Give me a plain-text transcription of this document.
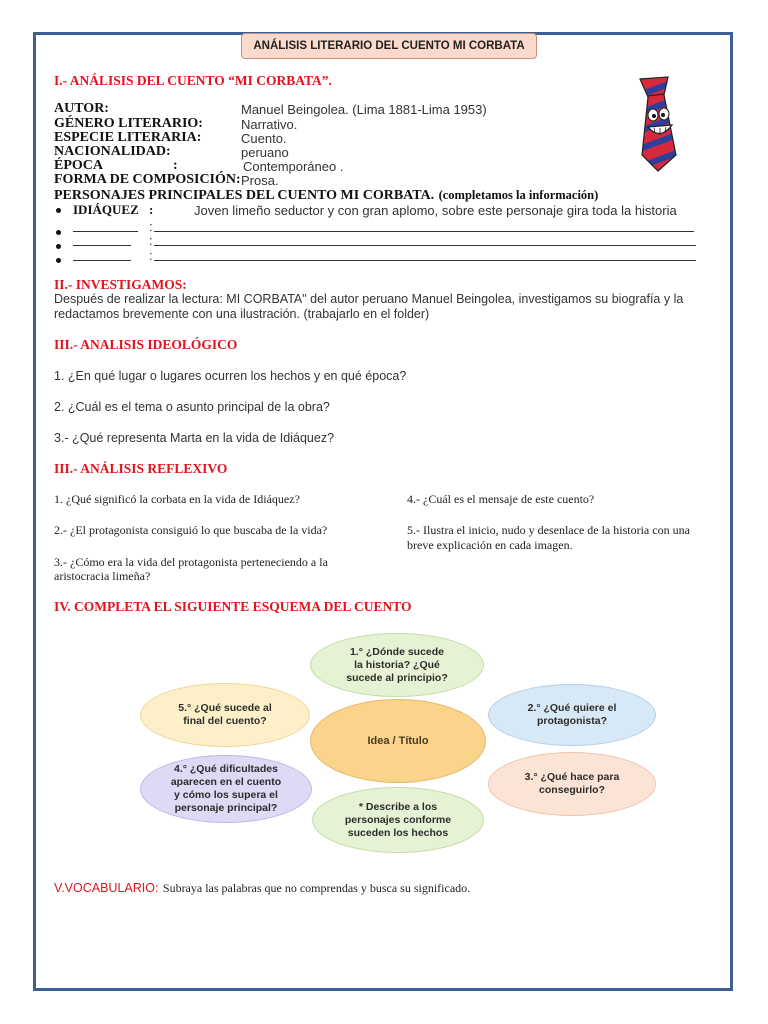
ANÁLISIS LITERARIO DEL CUENTO MI CORBATA
I.- ANÁLISIS DEL CUENTO “MI CORBATA”.
AUTOR:	Manuel Beingolea. (Lima 1881-Lima 1953)
GÉNERO LITERARIO:	Narrativo.
ESPECIE LITERARIA:	Cuento.
NACIONALIDAD:	peruano
ÉPOCA	:	Contemporáneo .
FORMA DE COMPOSICIÓN: Prosa.
PERSONAJES PRINCIPALES DEL CUENTO MI CORBATA. (completamos la información)
IDIÁQUEZ :	Joven limeño seductor y con gran aplomo, sobre este personaje gira toda la historia
:
:
:
II.- INVESTIGAMOS:
Después de realizar la lectura: MI CORBATA" del autor peruano Manuel Beingolea, investigamos su biografía y la
redactamos brevemente con una ilustración. (trabajarlo en el folder)
III.- ANALISIS IDEOLÓGICO
1. ¿En qué lugar o lugares ocurren los hechos y en qué época?
2. ¿Cuál es el tema o asunto principal de la obra?
3.- ¿Qué representa Marta en la vida de Idiáquez?
III.- ANÁLISIS REFLEXIVO
1. ¿Qué significó la corbata en la vida de Idiáquez?
2.- ¿El protagonista consiguió lo que buscaba de la vida?
3.- ¿Cómo era la vida del protagonista perteneciendo a la
aristocracia limeña?
4.- ¿Cuál es el mensaje de este cuento?
5.- Ilustra el inicio, nudo y desenlace de la historia con una
breve explicación en cada imagen.
IV. COMPLETA EL SIGUIENTE ESQUEMA DEL CUENTO
Idea / Título
1.° ¿Dónde sucede
la historia? ¿Qué
sucede al principio?
2.° ¿Qué quiere el
protagonista?
3.° ¿Qué hace para
conseguirlo?
* Describe a los
personajes conforme
suceden los hechos
4.° ¿Qué dificultades
aparecen en el cuento
y cómo los supera el
personaje principal?
5.° ¿Qué sucede al
final del cuento?
V.VOCABULARIO: Subraya las palabras que no comprendas y busca su significado.
